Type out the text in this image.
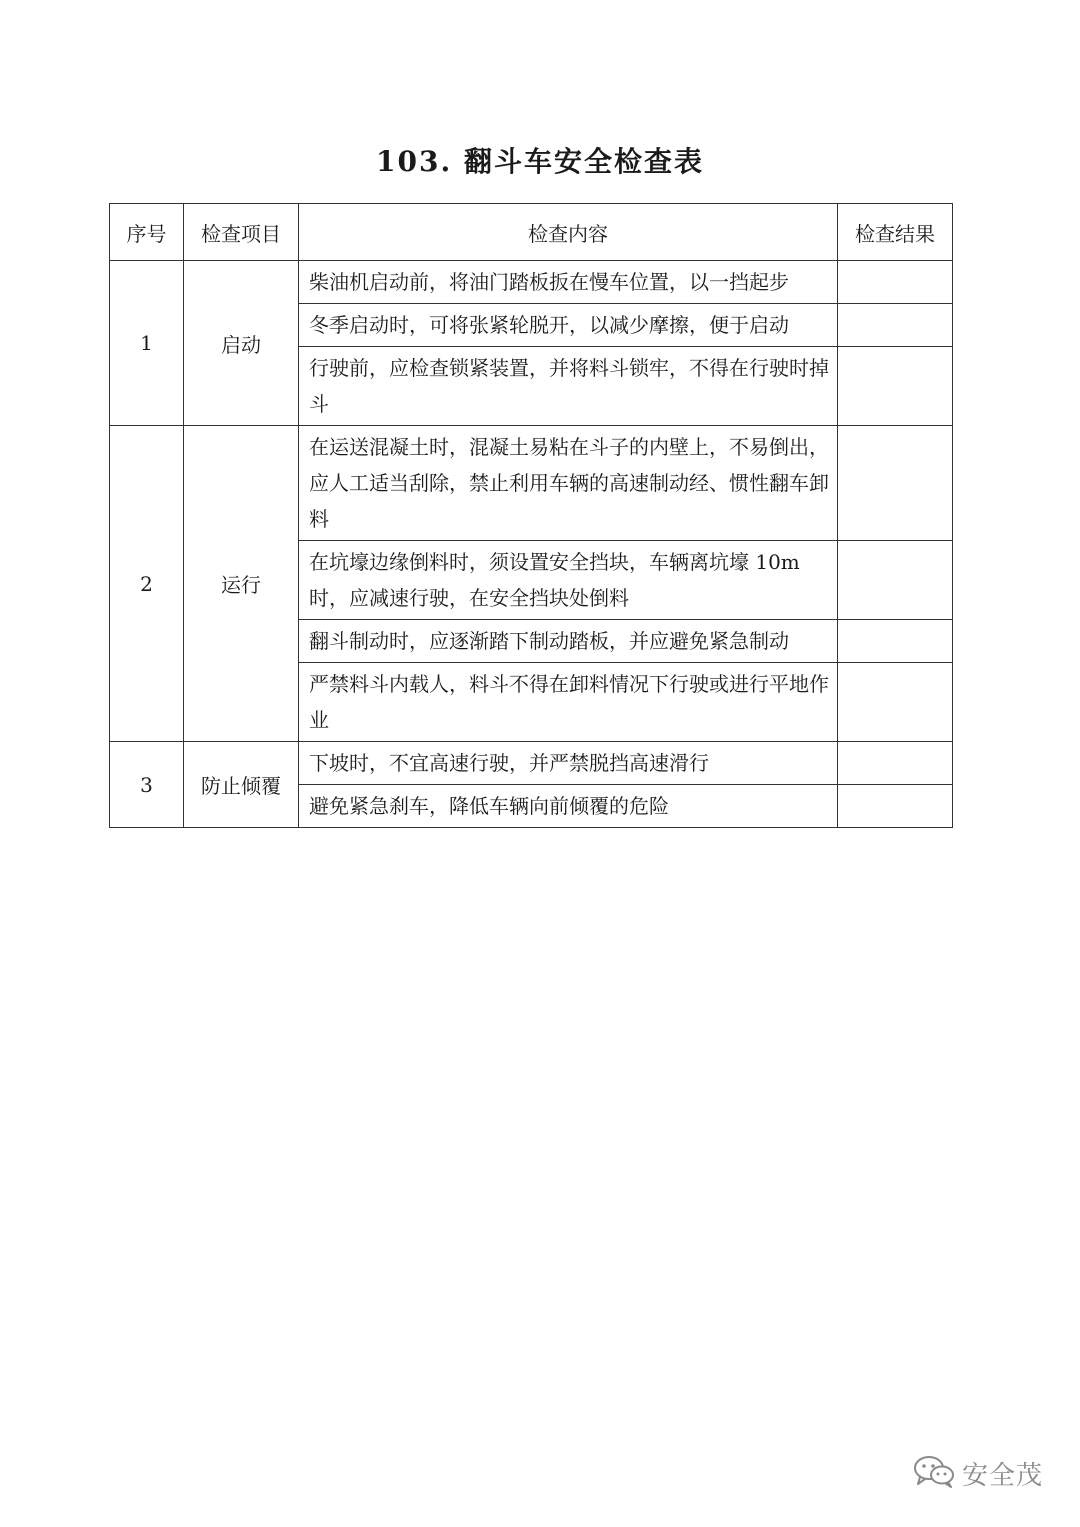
103. 翻斗车安全检查表
序号	检查项目	检查内容	检查结果
1	启动	柴油机启动前，将油门踏板扳在慢车位置，以一挡起步	
		冬季启动时，可将张紧轮脱开，以减少摩擦，便于启动	
		行驶前，应检查锁紧装置，并将料斗锁牢，不得在行驶时掉斗	
2	运行	在运送混凝土时，混凝土易粘在斗子的内壁上，不易倒出，应人工适当刮除，禁止利用车辆的高速制动经、惯性翻车卸料	
		在坑壕边缘倒料时，须设置安全挡块，车辆离坑壕 10m时，应减速行驶，在安全挡块处倒料	
		翻斗制动时，应逐渐踏下制动踏板，并应避免紧急制动	
		严禁料斗内载人，料斗不得在卸料情况下行驶或进行平地作业	
3	防止倾覆	下坡时，不宜高速行驶，并严禁脱挡高速滑行	
		避免紧急刹车，降低车辆向前倾覆的危险	
安全茂
